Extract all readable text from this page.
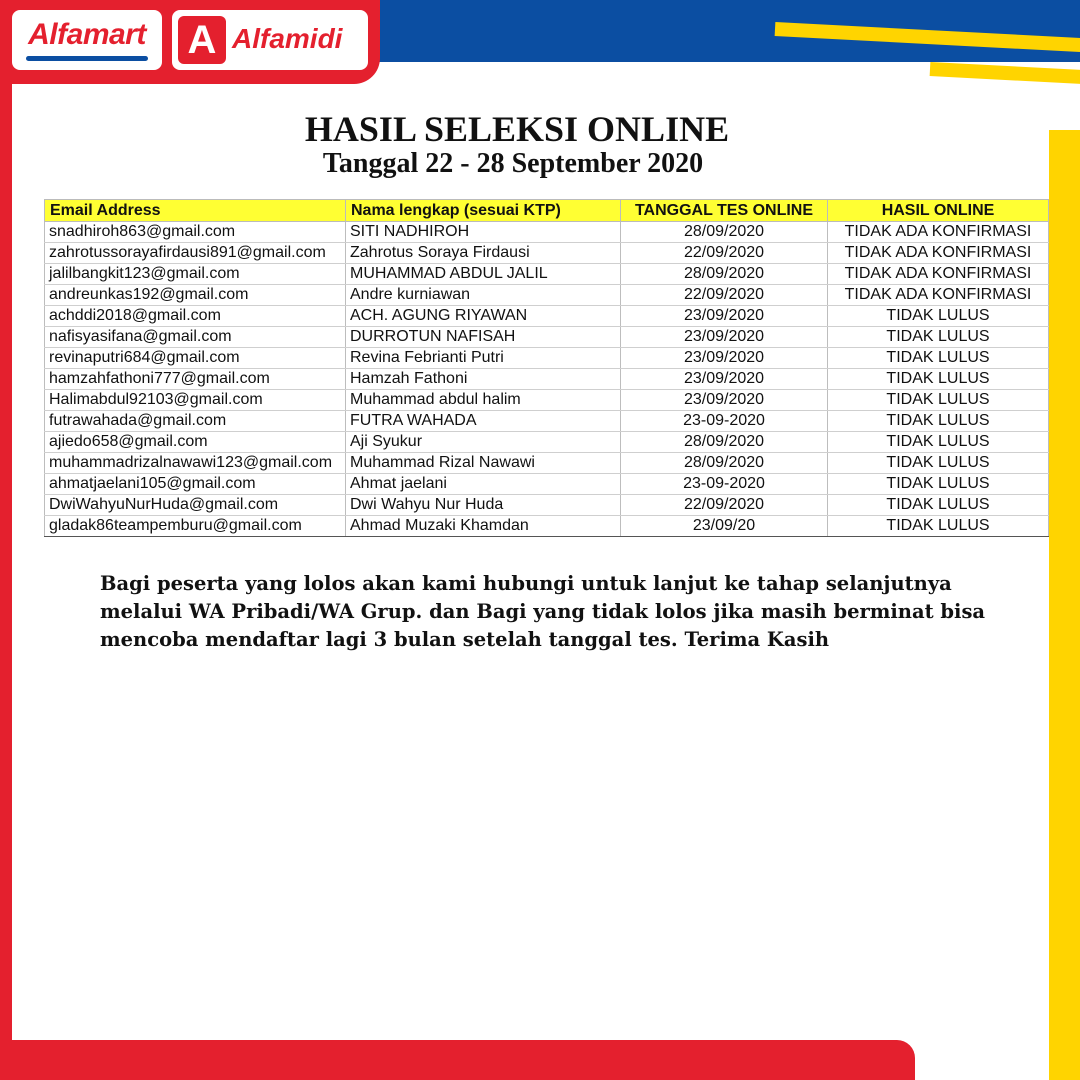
Alfamart	A Alfamidi
HASIL SELEKSI ONLINE
Tanggal 22 - 28 September 2020
Email Address	Nama lengkap (sesuai KTP)	TANGGAL TES ONLINE	HASIL ONLINE
snadhiroh863@gmail.com	SITI NADHIROH	28/09/2020	TIDAK ADA KONFIRMASI
zahrotussorayafirdausi891@gmail.com	Zahrotus Soraya Firdausi	22/09/2020	TIDAK ADA KONFIRMASI
jalilbangkit123@gmail.com	MUHAMMAD ABDUL JALIL	28/09/2020	TIDAK ADA KONFIRMASI
andreunkas192@gmail.com	Andre kurniawan	22/09/2020	TIDAK ADA KONFIRMASI
achddi2018@gmail.com	ACH. AGUNG RIYAWAN	23/09/2020	TIDAK LULUS
nafisyasifana@gmail.com	DURROTUN NAFISAH	23/09/2020	TIDAK LULUS
revinaputri684@gmail.com	Revina Febrianti Putri	23/09/2020	TIDAK LULUS
hamzahfathoni777@gmail.com	Hamzah Fathoni	23/09/2020	TIDAK LULUS
Halimabdul92103@gmail.com	Muhammad abdul halim	23/09/2020	TIDAK LULUS
futrawahada@gmail.com	FUTRA WAHADA	23-09-2020	TIDAK LULUS
ajiedo658@gmail.com	Aji Syukur	28/09/2020	TIDAK LULUS
muhammadrizalnawawi123@gmail.com	Muhammad Rizal Nawawi	28/09/2020	TIDAK LULUS
ahmatjaelani105@gmail.com	Ahmat jaelani	23-09-2020	TIDAK LULUS
DwiWahyuNurHuda@gmail.com	Dwi Wahyu Nur Huda	22/09/2020	TIDAK LULUS
gladak86teampemburu@gmail.com	Ahmad Muzaki Khamdan	23/09/20	TIDAK LULUS
Bagi peserta yang lolos akan kami hubungi untuk lanjut ke tahap selanjutnya melalui WA Pribadi/WA Grup. dan Bagi yang tidak lolos jika masih berminat bisa mencoba mendaftar lagi 3 bulan setelah tanggal tes. Terima Kasih
